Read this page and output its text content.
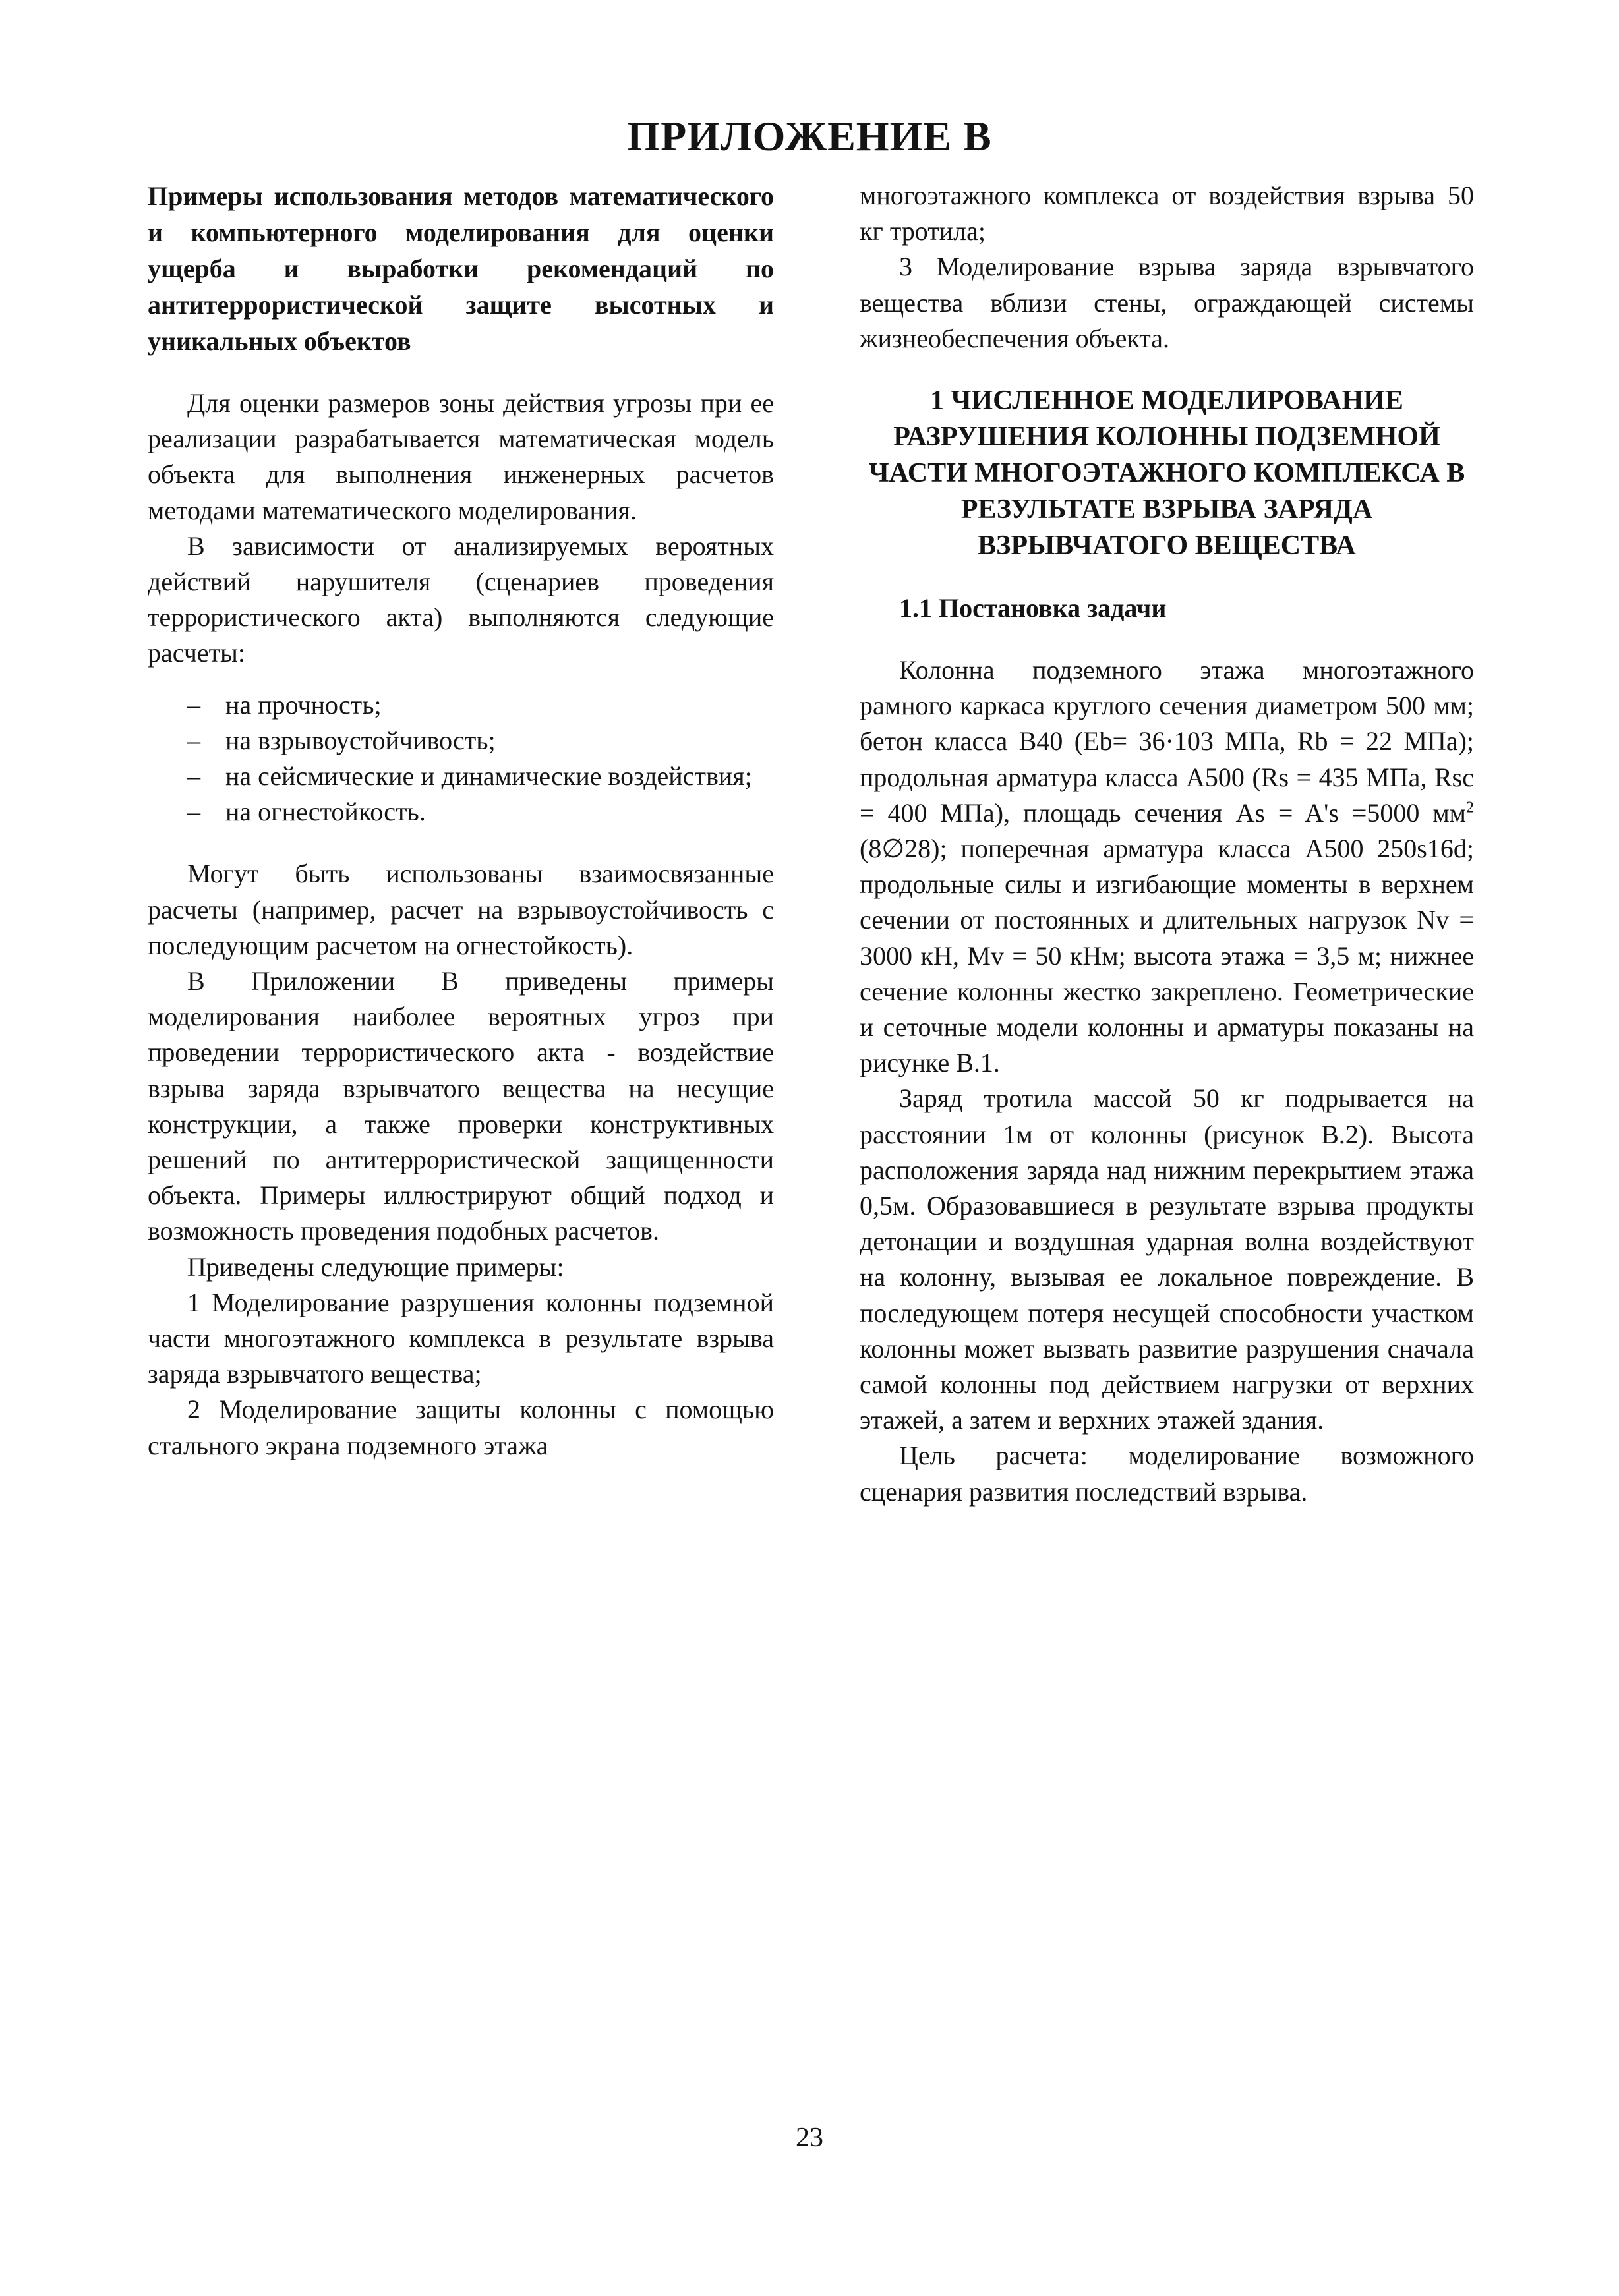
ПРИЛОЖЕНИЕ В

Примеры использования методов математического и компьютерного моделирования для оценки ущерба и выработки рекомендаций по антитеррористической защите высотных и уникальных объектов

Для оценки размеров зоны действия угрозы при ее реализации разрабатывается математическая модель объекта для выполнения инженерных расчетов методами математического моделирования.

В зависимости от анализируемых вероятных действий нарушителя (сценариев проведения террористического акта) выполняются следующие расчеты:

– на прочность;
– на взрывоустойчивость;
– на сейсмические и динамические воздействия;
– на огнестойкость.

Могут быть использованы взаимосвязанные расчеты (например, расчет на взрывоустойчивость с последующим расчетом на огнестойкость).

В Приложении В приведены примеры моделирования наиболее вероятных угроз при проведении террористического акта - воздействие взрыва заряда взрывчатого вещества на несущие конструкции, а также проверки конструктивных решений по антитеррористической защищенности объекта. Примеры иллюстрируют общий подход и возможность проведения подобных расчетов.

Приведены следующие примеры:

1 Моделирование разрушения колонны подземной части многоэтажного комплекса в результате взрыва заряда взрывчатого вещества;

2 Моделирование защиты колонны с помощью стального экрана подземного этажа

многоэтажного комплекса от воздействия взрыва 50 кг тротила;

3 Моделирование взрыва заряда взрывчатого вещества вблизи стены, ограждающей системы жизнеобеспечения объекта.

1 ЧИСЛЕННОЕ МОДЕЛИРОВАНИЕ РАЗРУШЕНИЯ КОЛОННЫ ПОДЗЕМНОЙ ЧАСТИ МНОГОЭТАЖНОГО КОМПЛЕКСА В РЕЗУЛЬТАТЕ ВЗРЫВА ЗАРЯДА ВЗРЫВЧАТОГО ВЕЩЕСТВА

1.1 Постановка задачи

Колонна подземного этажа многоэтажного рамного каркаса круглого сечения диаметром 500 мм; бетон класса В40 (Eb= 36·103 МПа, Rb = 22 МПа); продольная арматура класса А500 (Rs = 435 МПа, Rsc = 400 МПа), площадь сечения As = A's =5000 $мм^2$ (8∅28); поперечная арматура класса А500 250s16d; продольные силы и изгибающие моменты в верхнем сечении от постоянных и длительных нагрузок Nv = 3000 кН, Mv = 50 кНм; высота этажа = 3,5 м; нижнее сечение колонны жестко закреплено. Геометрические и сеточные модели колонны и арматуры показаны на рисунке В.1.

Заряд тротила массой 50 кг подрывается на расстоянии 1м от колонны (рисунок В.2). Высота расположения заряда над нижним перекрытием этажа 0,5м. Образовавшиеся в результате взрыва продукты детонации и воздушная ударная волна воздействуют на колонну, вызывая ее локальное повреждение. В последующем потеря несущей способности участком колонны может вызвать развитие разрушения сначала самой колонны под действием нагрузки от верхних этажей, а затем и верхних этажей здания.

Цель расчета: моделирование возможного сценария развития последствий взрыва.

23
